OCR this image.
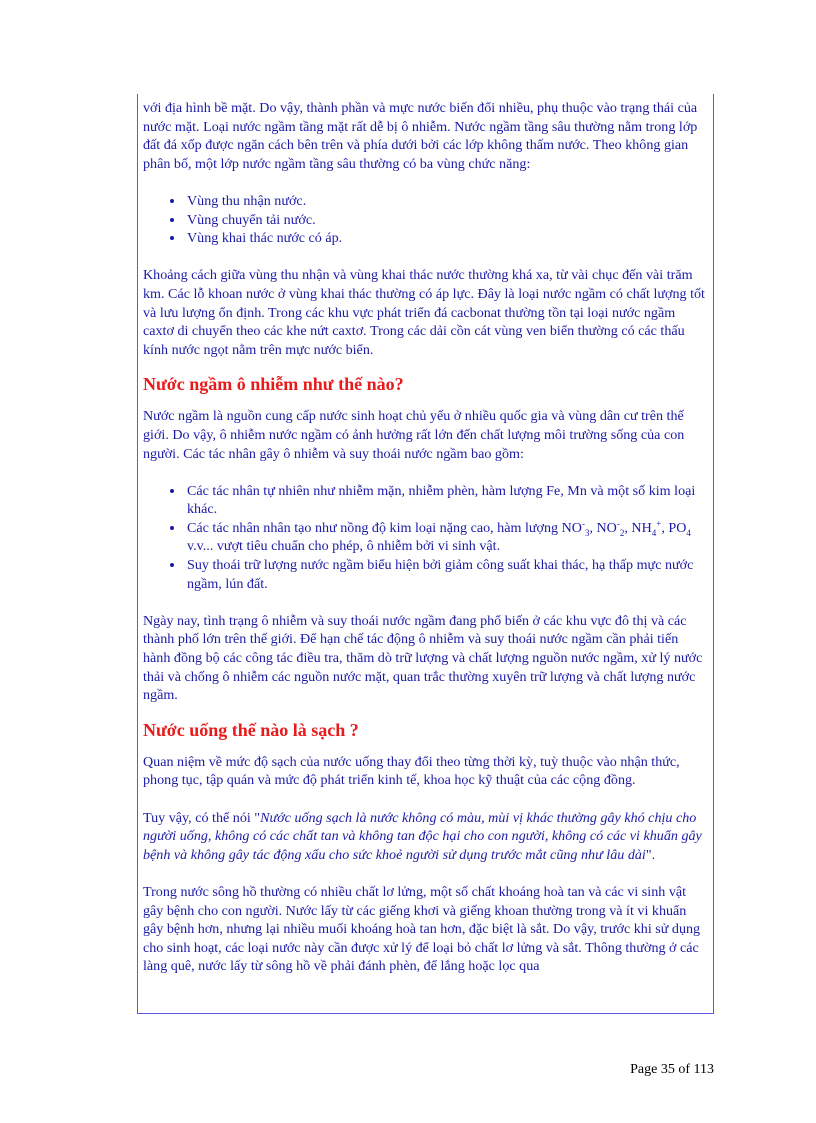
với địa hình bề mặt. Do vậy, thành phần và mực nước biến đổi nhiều, phụ thuộc vào trạng thái của nước mặt. Loại nước ngầm tầng mặt rất dễ bị ô nhiễm. Nước ngầm tầng sâu thường nằm trong lớp đất đá xốp được ngăn cách bên trên và phía dưới bởi các lớp không thấm nước. Theo không gian phân bố, một lớp nước ngầm tầng sâu thường có ba vùng chức năng:

• Vùng thu nhận nước.
• Vùng chuyển tải nước.
• Vùng khai thác nước có áp.

Khoảng cách giữa vùng thu nhận và vùng khai thác nước thường khá xa, từ vài chục đến vài trăm km. Các lỗ khoan nước ở vùng khai thác thường có áp lực. Đây là loại nước ngầm có chất lượng tốt và lưu lượng ổn định. Trong các khu vực phát triển đá cacbonat thường tồn tại loại nước ngầm caxtơ di chuyển theo các khe nứt caxtơ. Trong các dải cồn cát vùng ven biển thường có các thấu kính nước ngọt nằm trên mực nước biển.

Nước ngầm ô nhiễm như thế nào?

Nước ngầm là nguồn cung cấp nước sinh hoạt chủ yếu ở nhiều quốc gia và vùng dân cư trên thế giới. Do vậy, ô nhiễm nước ngầm có ảnh hưởng rất lớn đến chất lượng môi trường sống của con người. Các tác nhân gây ô nhiễm và suy thoái nước ngầm bao gồm:

• Các tác nhân tự nhiên như nhiễm mặn, nhiễm phèn, hàm lượng Fe, Mn và một số kim loại khác.
• Các tác nhân nhân tạo như nồng độ kim loại nặng cao, hàm lượng $NO^-_3$, $NO^-_2$, $NH_4^+$, $PO_4$ v.v... vượt tiêu chuẩn cho phép, ô nhiễm bởi vi sinh vật.
• Suy thoái trữ lượng nước ngầm biểu hiện bởi giảm công suất khai thác, hạ thấp mực nước ngầm, lún đất.

Ngày nay, tình trạng ô nhiễm và suy thoái nước ngầm đang phổ biến ở các khu vực đô thị và các thành phố lớn trên thế giới. Để hạn chế tác động ô nhiễm và suy thoái nước ngầm cần phải tiến hành đồng bộ các công tác điều tra, thăm dò trữ lượng và chất lượng nguồn nước ngầm, xử lý nước thải và chống ô nhiễm các nguồn nước mặt, quan trắc thường xuyên trữ lượng và chất lượng nước ngầm.

Nước uống thế nào là sạch ?

Quan niệm về mức độ sạch của nước uống thay đổi theo từng thời kỳ, tuỳ thuộc vào nhận thức, phong tục, tập quán và mức độ phát triển kinh tế, khoa học kỹ thuật của các cộng đồng.

Tuy vậy, có thể nói "Nước uống sạch là nước không có màu, mùi vị khác thường gây khó chịu cho người uống, không có các chất tan và không tan độc hại cho con người, không có các vi khuẩn gây bệnh và không gây tác động xấu cho sức khoẻ người sử dụng trước mắt cũng như lâu dài".

Trong nước sông hồ thường có nhiều chất lơ lửng, một số chất khoáng hoà tan và các vi sinh vật gây bệnh cho con người. Nước lấy từ các giếng khơi và giếng khoan thường trong và ít vi khuẩn gây bệnh hơn, nhưng lại nhiều muối khoáng hoà tan hơn, đặc biệt là sắt. Do vậy, trước khi sử dụng cho sinh hoạt, các loại nước này cần được xử lý để loại bỏ chất lơ lửng và sắt. Thông thường ở các làng quê, nước lấy từ sông hồ về phải đánh phèn, để lắng hoặc lọc qua

Page 35 of 113
